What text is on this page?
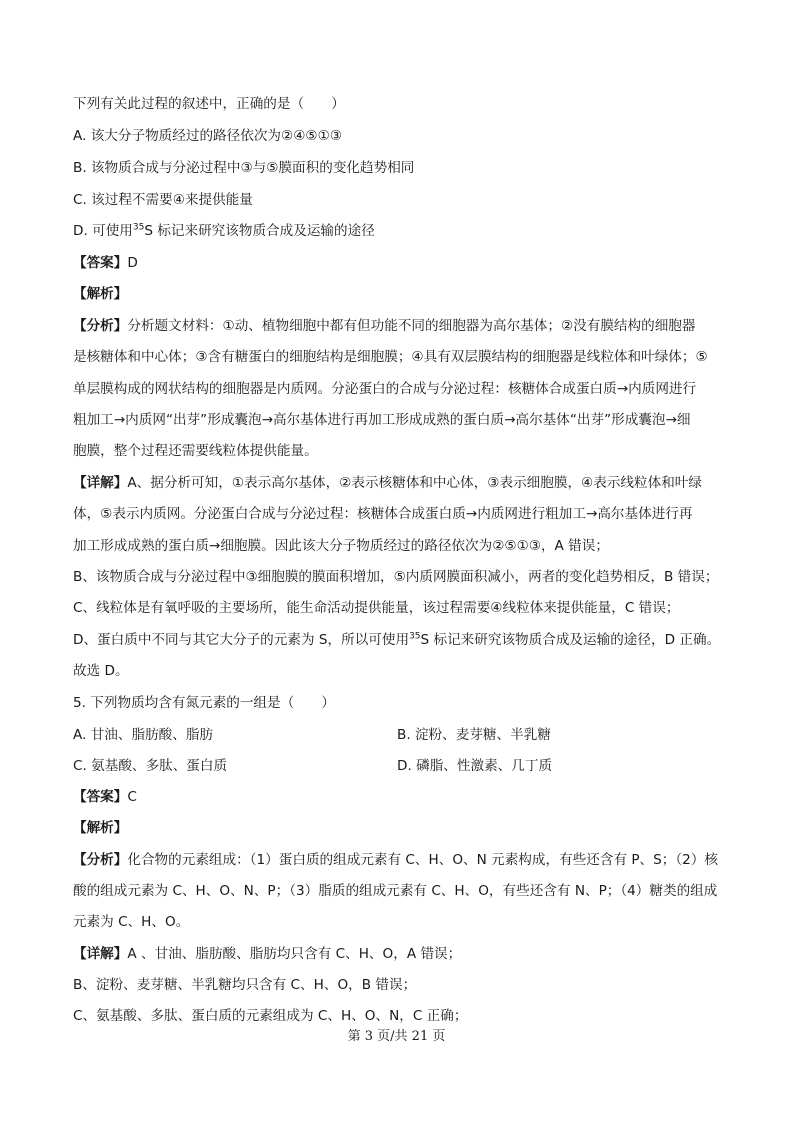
下列有关此过程的叙述中，正确的是（　　）
A. 该大分子物质经过的路径依次为②④⑤①③
B. 该物质合成与分泌过程中③与⑤膜面积的变化趋势相同
C. 该过程不需要④来提供能量
D. 可使用$^{35}$S 标记来研究该物质合成及运输的途径
【答案】D
【解析】
【分析】分析题文材料：①动、植物细胞中都有但功能不同的细胞器为高尔基体；②没有膜结构的细胞器
是核糖体和中心体；③含有糖蛋白的细胞结构是细胞膜；④具有双层膜结构的细胞器是线粒体和叶绿体；⑤
单层膜构成的网状结构的细胞器是内质网。分泌蛋白的合成与分泌过程：核糖体合成蛋白质→内质网进行
粗加工→内质网“出芽”形成囊泡→高尔基体进行再加工形成成熟的蛋白质→高尔基体“出芽”形成囊泡→细
胞膜，整个过程还需要线粒体提供能量。
【详解】A、据分析可知，①表示高尔基体，②表示核糖体和中心体，③表示细胞膜，④表示线粒体和叶绿
体，⑤表示内质网。分泌蛋白合成与分泌过程：核糖体合成蛋白质→内质网进行粗加工→高尔基体进行再
加工形成成熟的蛋白质→细胞膜。因此该大分子物质经过的路径依次为②⑤①③，A 错误；
B、该物质合成与分泌过程中③细胞膜的膜面积增加，⑤内质网膜面积减小，两者的变化趋势相反，B 错误；
C、线粒体是有氧呼吸的主要场所，能生命活动提供能量，该过程需要④线粒体来提供能量，C 错误；
D、蛋白质中不同与其它大分子的元素为 S，所以可使用$^{35}$S 标记来研究该物质合成及运输的途径，D 正确。
故选 D。
5. 下列物质均含有氮元素的一组是（　　）
A. 甘油、脂肪酸、脂肪	B. 淀粉、麦芽糖、半乳糖
C. 氨基酸、多肽、蛋白质	D. 磷脂、性激素、几丁质
【答案】C
【解析】
【分析】化合物的元素组成：（1）蛋白质的组成元素有 C、H、O、N 元素构成，有些还含有 P、S；（2）核
酸的组成元素为 C、H、O、N、P；（3）脂质的组成元素有 C、H、O，有些还含有 N、P；（4）糖类的组成
元素为 C、H、O。
【详解】A 、甘油、脂肪酸、脂肪均只含有 C、H、O，A 错误；
B、淀粉、麦芽糖、半乳糖均只含有 C、H、O，B 错误；
C、氨基酸、多肽、蛋白质的元素组成为 C、H、O、N，C 正确；
第 3 页/共 21 页
